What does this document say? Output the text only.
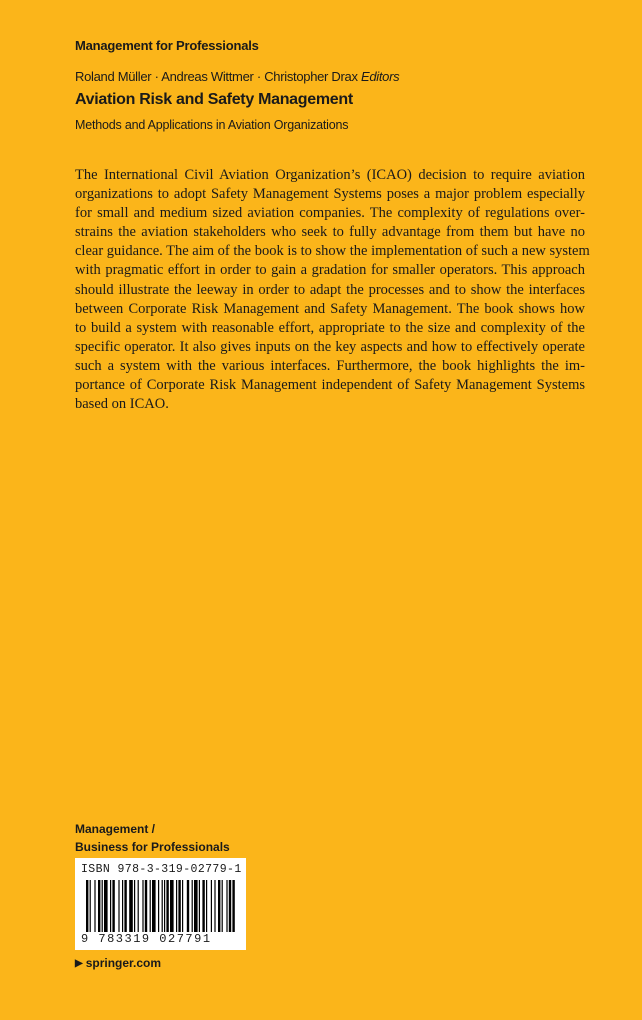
Management for Professionals
Roland Müller · Andreas Wittmer · Christopher Drax Editors
Aviation Risk and Safety Management
Methods and Applications in Aviation Organizations
The International Civil Aviation Organization’s (ICAO) decision to require aviation
organizations to adopt Safety Management Systems poses a major problem especially
for small and medium sized aviation companies. The complexity of regulations over-
strains the aviation stakeholders who seek to fully advantage from them but have no
clear guidance. The aim of the book is to show the implementation of such a new system
with pragmatic effort in order to gain a gradation for smaller operators. This approach
should illustrate the leeway in order to adapt the processes and to show the interfaces
between Corporate Risk Management and Safety Management. The book shows how
to build a system with reasonable effort, appropriate to the size and complexity of the
specific operator. It also gives inputs on the key aspects and how to effectively operate
such a system with the various interfaces. Furthermore, the book highlights the im-
portance of Corporate Risk Management independent of Safety Management Systems
based on ICAO.
Management /
Business for Professionals
ISBN 978-3-319-02779-1
9 783319 027791
▶ springer.com
